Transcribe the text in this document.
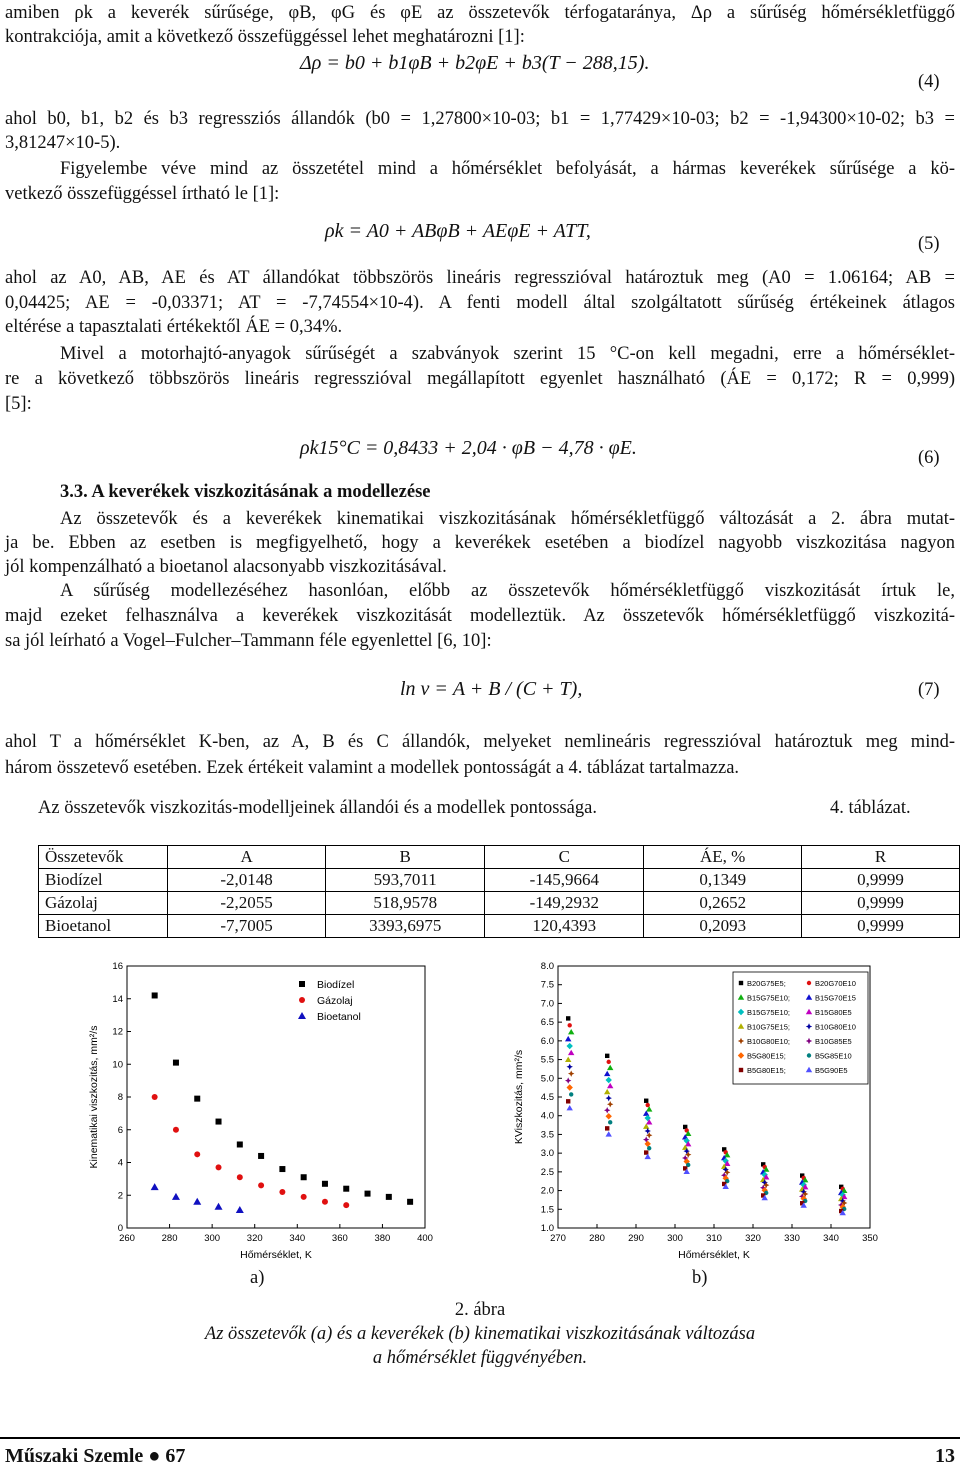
amiben ρk a keverék sűrűsége, φB, φG és φE az összetevők térfogataránya, Δρ a sűrűség hőmérsékletfüggő
kontrakciója, amit a következő összefüggéssel lehet meghatározni [1]:
Δρ = b0 + b1φB + b2φE + b3(T − 288,15).
(4)
ahol b0, b1, b2 és b3 regressziós állandók (b0 = 1,27800×10-03; b1 = 1,77429×10-03; b2 = -1,94300×10-02; b3 =
3,81247×10-5).
Figyelembe véve mind az összetétel mind a hőmérséklet befolyását, a hármas keverékek sűrűsége a kö-
vetkező összefüggéssel írtható le [1]:
ρk = A0 + ABφB + AEφE + ATT,
(5)
ahol az A0, AB, AE és AT állandókat többszörös lineáris regresszióval határoztuk meg (A0 = 1.06164; AB =
0,04425; AE = -0,03371; AT = -7,74554×10-4). A fenti modell által szolgáltatott sűrűség értékeinek átlagos
eltérése a tapasztalati értékektől ÁE = 0,34%.
Mivel a motorhajtó-anyagok sűrűségét a szabványok szerint 15 °C-on kell megadni, erre a hőmérséklet-
re a következő többszörös lineáris regresszióval megállapított egyenlet használható (ÁE = 0,172; R = 0,999)
[5]:
ρk15°C = 0,8433 + 2,04 · φB − 4,78 · φE.	(6)
3.3. A keverékek viszkozitásának a modellezése
Az összetevők és a keverékek kinematikai viszkozitásának hőmérsékletfüggő változását a 2. ábra mutat-
ja be. Ebben az esetben is megfigyelhető, hogy a keverékek esetében a biodízel nagyobb viszkozitása nagyon
jól kompenzálható a bioetanol alacsonyabb viszkozitásával.
A sűrűség modellezéséhez hasonlóan, előbb az összetevők hőmérsékletfüggő viszkozitását írtuk le,
majd ezeket felhasználva a keverékek viszkozitását modelleztük. Az összetevők hőmérsékletfüggő viszkozitá-
sa jól leírható a Vogel–Fulcher–Tammann féle egyenlettel [6, 10]:
ln ν = A + B / (C + T),	(7)
ahol T a hőmérséklet K-ben, az A, B és C állandók, melyeket nemlineáris regresszióval határoztuk meg mind-
három összetevő esetében. Ezek értékeit valamint a modellek pontosságát a 4. táblázat tartalmazza.
Az összetevők viszkozitás-modelljeinek állandói és a modellek pontossága.	4. táblázat.
Összetevők	A	B	C	ÁE, %	R
Biodízel	-2,0148	593,7011	-145,9664	0,1349	0,9999
Gázolaj	-2,2055	518,9578	-149,2932	0,2652	0,9999
Bioetanol	-7,7005	3393,6975	120,4393	0,2093	0,9999
260	280	300	320	340	360	380	400
0
2
4
6
8
10
12
14
16
Hőmérséklet, K
Kinematikai viszkozitás, mm²/s
Biodízel
Gázolaj
Bioetanol
270 280 290 300 310 320 330 340 350
1.0
1.5
2.0
2.5
3.0
3.5
4.0
4.5
5.0
5.5
6.0
6.5
7.0
7.5
8.0
Hőmérséklet, K
KViszkozitás, mm²/s
B20G75E5;	B20G70E10
B15G75E10;	B15G70E15
B15G75E10;	B15G80E5
B10G75E15;	B10G80E10
B10G80E10;	B10G85E5
B5G80E15;	B5G85E10
B5G80E15;	B5G90E5
a)	b)
2. ábra
Az összetevők (a) és a keverékek (b) kinematikai viszkozitásának változása
a hőmérséklet függvényében.
Műszaki Szemle ● 67	13
